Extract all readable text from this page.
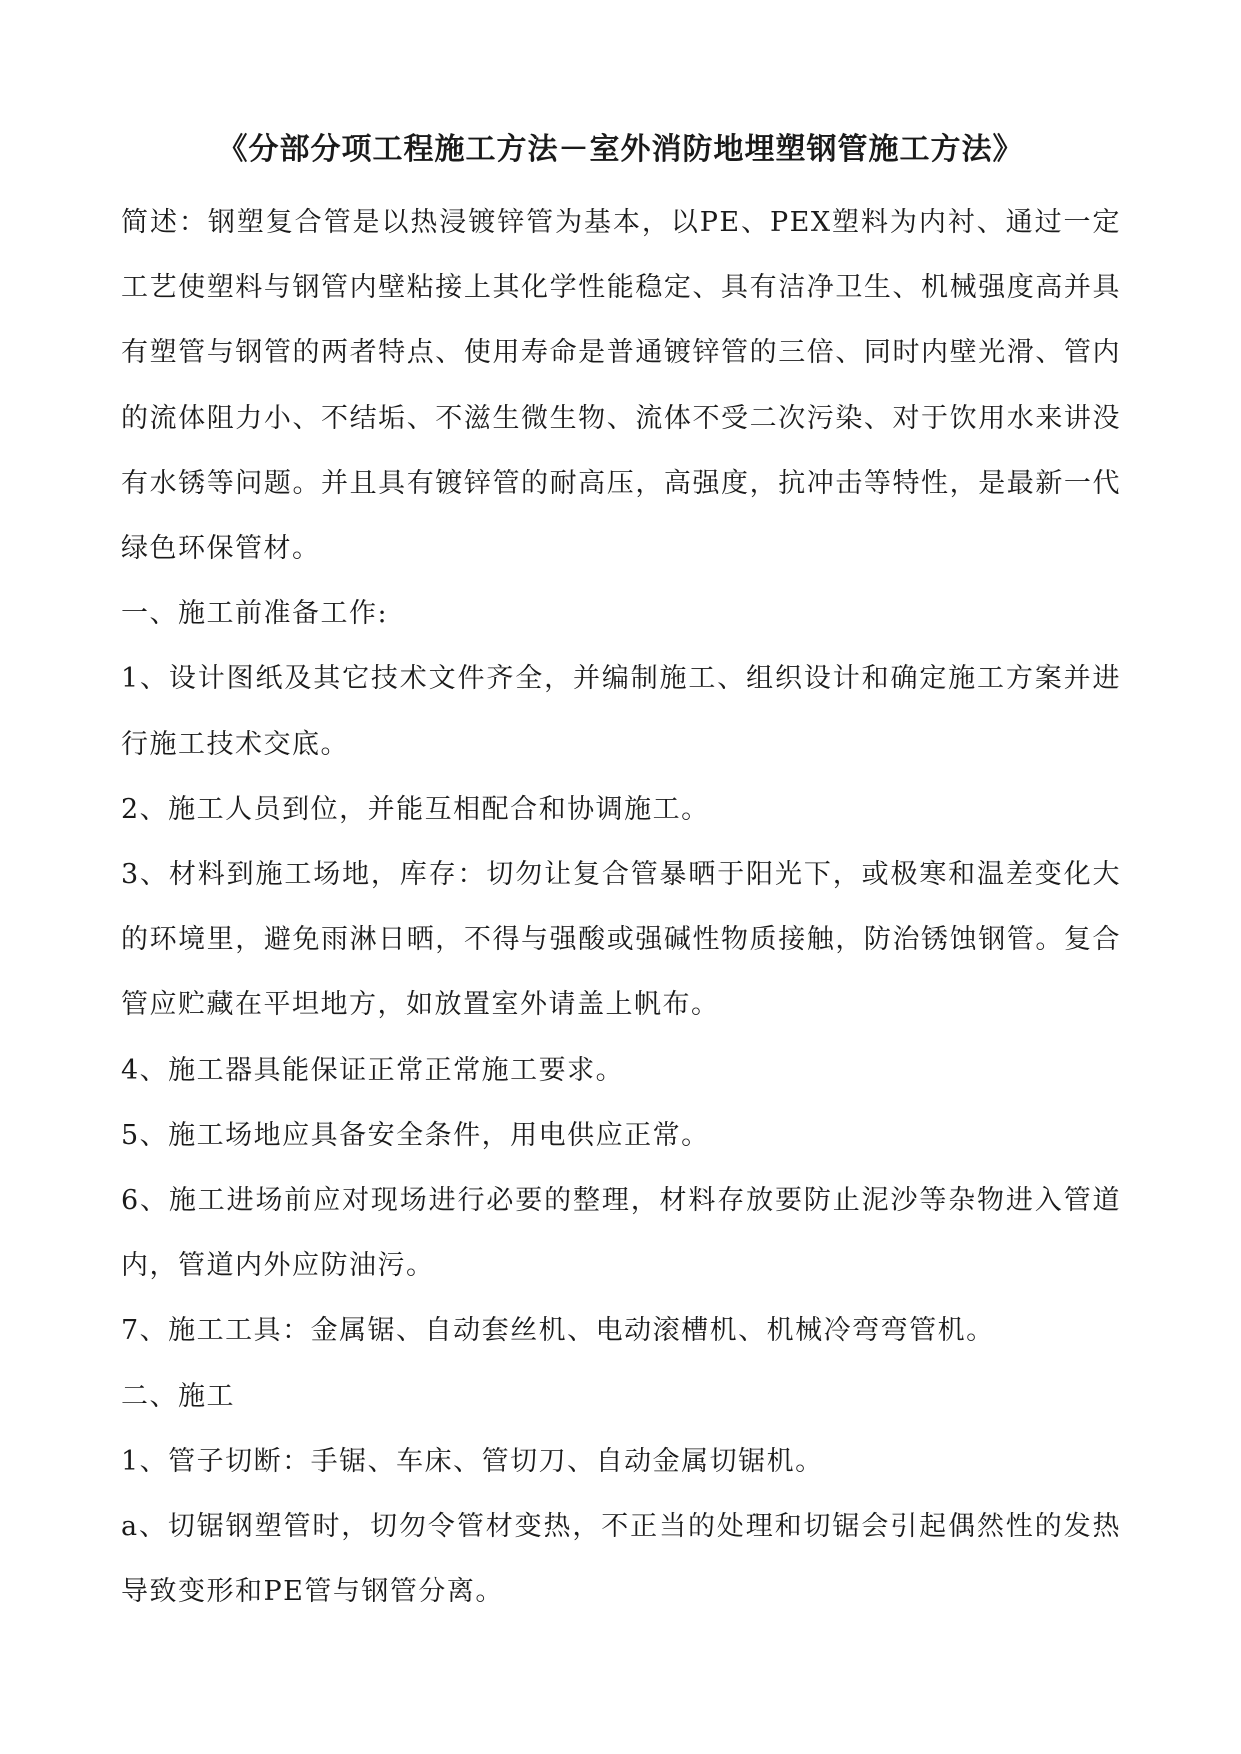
《分部分项工程施工方法－室外消防地埋塑钢管施工方法》

简述：钢塑复合管是以热浸镀锌管为基本，以PE、PEX塑料为内衬、通过一定工艺使塑料与钢管内壁粘接上其化学性能稳定、具有洁净卫生、机械强度高并具有塑管与钢管的两者特点、使用寿命是普通镀锌管的三倍、同时内壁光滑、管内的流体阻力小、不结垢、不滋生微生物、流体不受二次污染、对于饮用水来讲没有水锈等问题。并且具有镀锌管的耐高压，高强度，抗冲击等特性，是最新一代绿色环保管材。

一、施工前准备工作:

1、设计图纸及其它技术文件齐全，并编制施工、组织设计和确定施工方案并进行施工技术交底。

2、施工人员到位，并能互相配合和协调施工。

3、材料到施工场地，库存：切勿让复合管暴晒于阳光下，或极寒和温差变化大的环境里，避免雨淋日晒，不得与强酸或强碱性物质接触，防治锈蚀钢管。复合管应贮藏在平坦地方，如放置室外请盖上帆布。

4、施工器具能保证正常正常施工要求。

5、施工场地应具备安全条件，用电供应正常。

6、施工进场前应对现场进行必要的整理，材料存放要防止泥沙等杂物进入管道内，管道内外应防油污。

7、施工工具：金属锯、自动套丝机、电动滚槽机、机械冷弯弯管机。

二、施工

1、管子切断：手锯、车床、管切刀、自动金属切锯机。

a、切锯钢塑管时，切勿令管材变热，不正当的处理和切锯会引起偶然性的发热导致变形和PE管与钢管分离。
